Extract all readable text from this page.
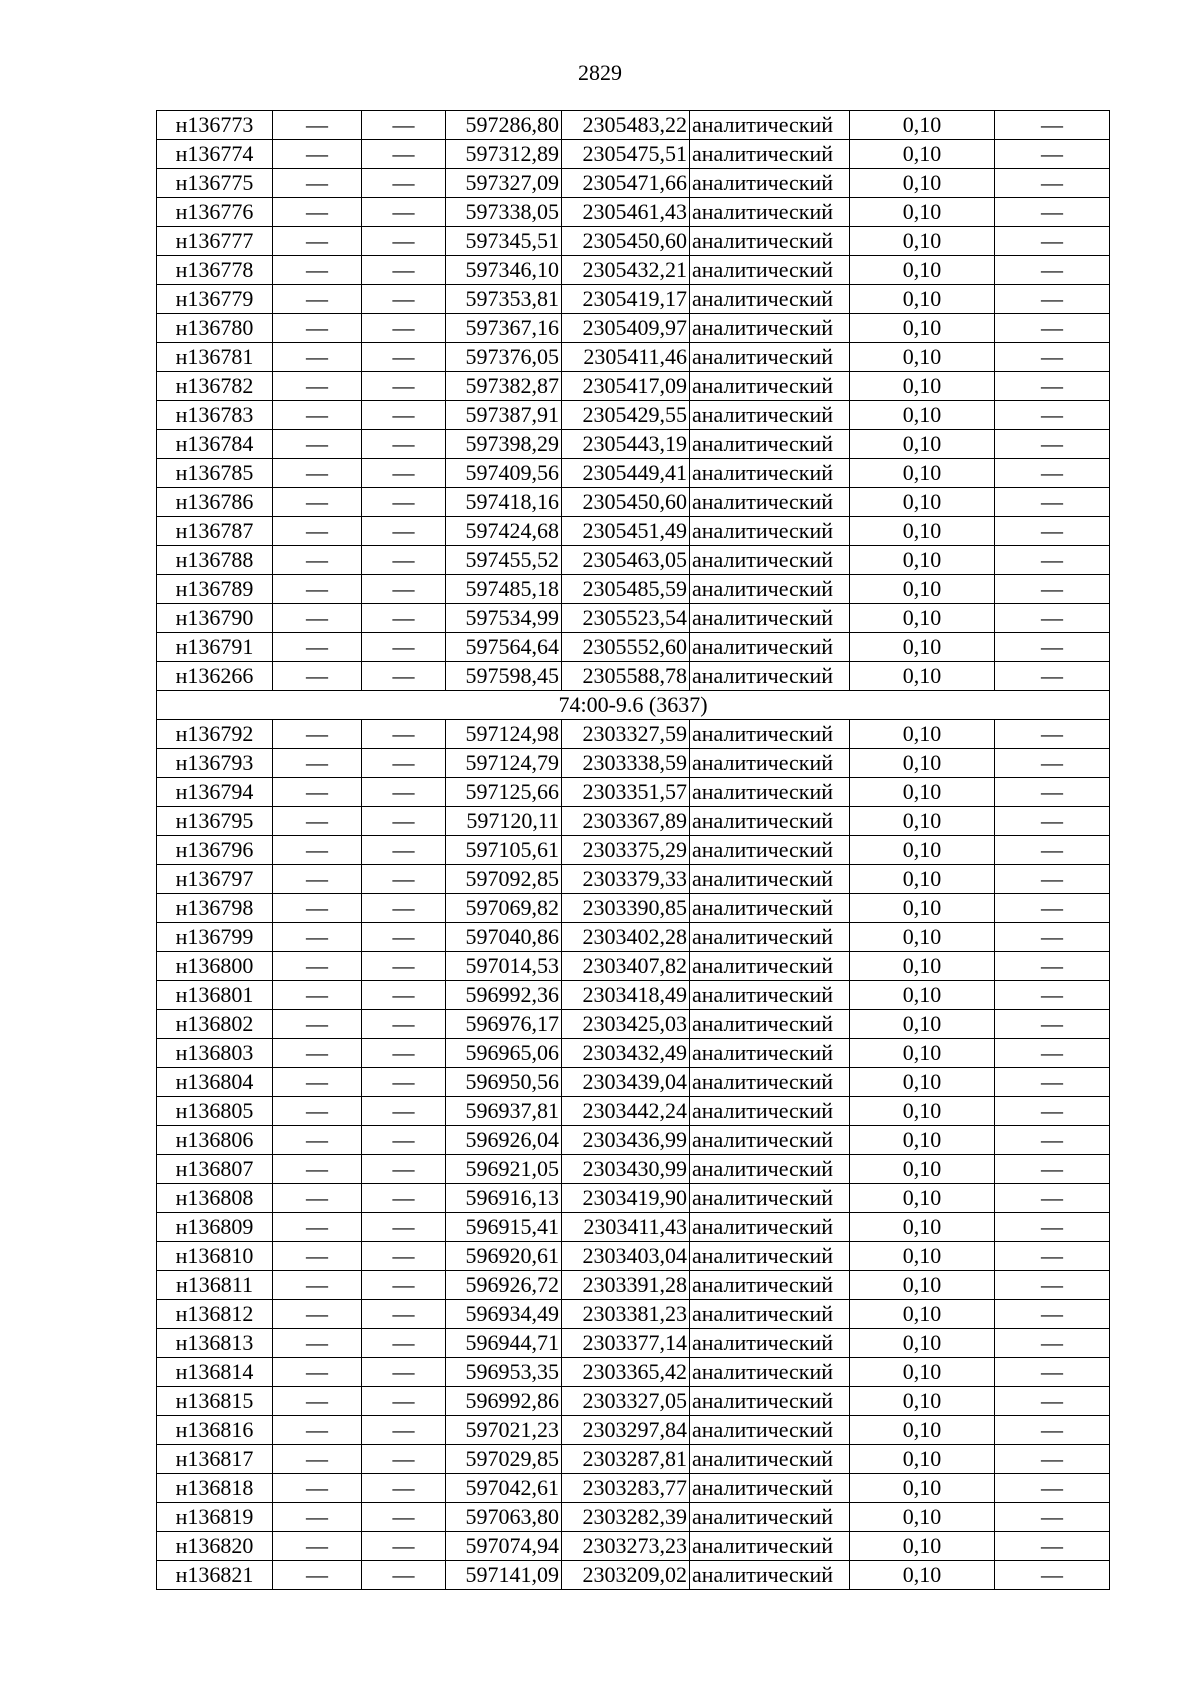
2829
н136773	—	—	597286,80	2305483,22	аналитический	0,10	—
н136774	—	—	597312,89	2305475,51	аналитический	0,10	—
н136775	—	—	597327,09	2305471,66	аналитический	0,10	—
н136776	—	—	597338,05	2305461,43	аналитический	0,10	—
н136777	—	—	597345,51	2305450,60	аналитический	0,10	—
н136778	—	—	597346,10	2305432,21	аналитический	0,10	—
н136779	—	—	597353,81	2305419,17	аналитический	0,10	—
н136780	—	—	597367,16	2305409,97	аналитический	0,10	—
н136781	—	—	597376,05	2305411,46	аналитический	0,10	—
н136782	—	—	597382,87	2305417,09	аналитический	0,10	—
н136783	—	—	597387,91	2305429,55	аналитический	0,10	—
н136784	—	—	597398,29	2305443,19	аналитический	0,10	—
н136785	—	—	597409,56	2305449,41	аналитический	0,10	—
н136786	—	—	597418,16	2305450,60	аналитический	0,10	—
н136787	—	—	597424,68	2305451,49	аналитический	0,10	—
н136788	—	—	597455,52	2305463,05	аналитический	0,10	—
н136789	—	—	597485,18	2305485,59	аналитический	0,10	—
н136790	—	—	597534,99	2305523,54	аналитический	0,10	—
н136791	—	—	597564,64	2305552,60	аналитический	0,10	—
н136266	—	—	597598,45	2305588,78	аналитический	0,10	—
74:00-9.6 (3637)							
н136792	—	—	597124,98	2303327,59	аналитический	0,10	—
н136793	—	—	597124,79	2303338,59	аналитический	0,10	—
н136794	—	—	597125,66	2303351,57	аналитический	0,10	—
н136795	—	—	597120,11	2303367,89	аналитический	0,10	—
н136796	—	—	597105,61	2303375,29	аналитический	0,10	—
н136797	—	—	597092,85	2303379,33	аналитический	0,10	—
н136798	—	—	597069,82	2303390,85	аналитический	0,10	—
н136799	—	—	597040,86	2303402,28	аналитический	0,10	—
н136800	—	—	597014,53	2303407,82	аналитический	0,10	—
н136801	—	—	596992,36	2303418,49	аналитический	0,10	—
н136802	—	—	596976,17	2303425,03	аналитический	0,10	—
н136803	—	—	596965,06	2303432,49	аналитический	0,10	—
н136804	—	—	596950,56	2303439,04	аналитический	0,10	—
н136805	—	—	596937,81	2303442,24	аналитический	0,10	—
н136806	—	—	596926,04	2303436,99	аналитический	0,10	—
н136807	—	—	596921,05	2303430,99	аналитический	0,10	—
н136808	—	—	596916,13	2303419,90	аналитический	0,10	—
н136809	—	—	596915,41	2303411,43	аналитический	0,10	—
н136810	—	—	596920,61	2303403,04	аналитический	0,10	—
н136811	—	—	596926,72	2303391,28	аналитический	0,10	—
н136812	—	—	596934,49	2303381,23	аналитический	0,10	—
н136813	—	—	596944,71	2303377,14	аналитический	0,10	—
н136814	—	—	596953,35	2303365,42	аналитический	0,10	—
н136815	—	—	596992,86	2303327,05	аналитический	0,10	—
н136816	—	—	597021,23	2303297,84	аналитический	0,10	—
н136817	—	—	597029,85	2303287,81	аналитический	0,10	—
н136818	—	—	597042,61	2303283,77	аналитический	0,10	—
н136819	—	—	597063,80	2303282,39	аналитический	0,10	—
н136820	—	—	597074,94	2303273,23	аналитический	0,10	—
н136821	—	—	597141,09	2303209,02	аналитический	0,10	—
